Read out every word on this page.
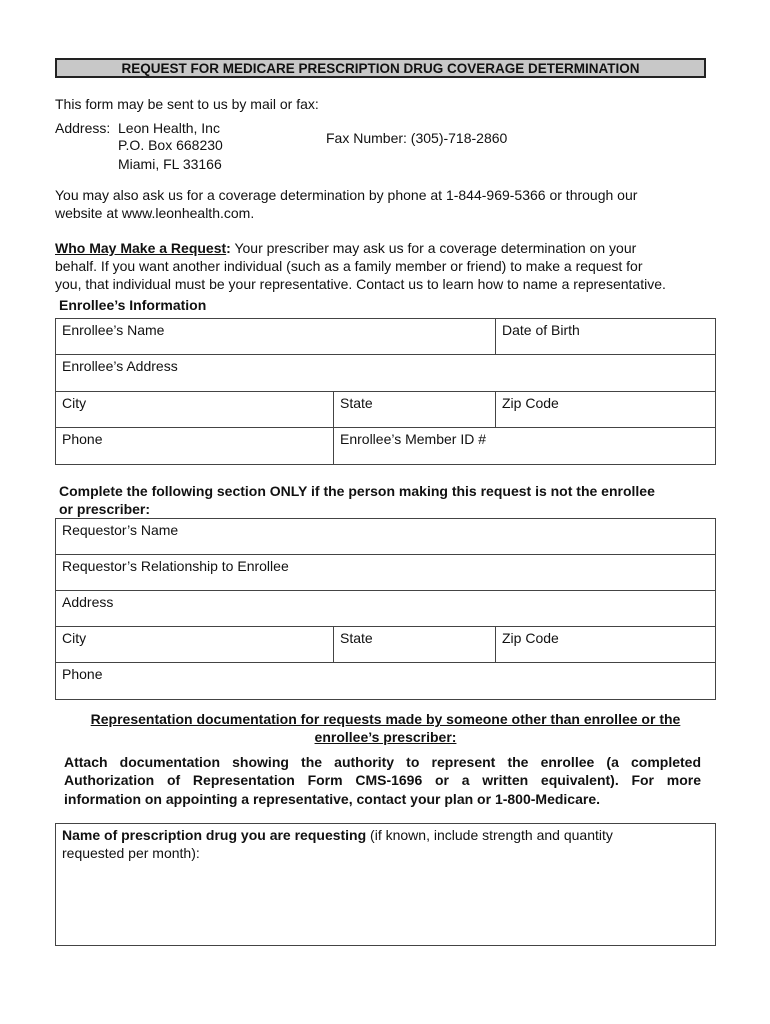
REQUEST FOR MEDICARE PRESCRIPTION DRUG COVERAGE DETERMINATION
This form may be sent to us by mail or fax:
Address: Leon Health, Inc
P.O. Box 668230
Miami, FL 33166
Fax Number: (305)-718-2860
You may also ask us for a coverage determination by phone at 1-844-969-5366 or through our
website at www.leonhealth.com.
Who May Make a Request: Your prescriber may ask us for a coverage determination on your
behalf. If you want another individual (such as a family member or friend) to make a request for
you, that individual must be your representative. Contact us to learn how to name a representative.
Enrollee’s Information
Enrollee’s Name	Date of Birth
Enrollee’s Address
City	State	Zip Code
Phone	Enrollee’s Member ID #
Complete the following section ONLY if the person making this request is not the enrollee
or prescriber:
Requestor’s Name
Requestor’s Relationship to Enrollee
Address
City	State	Zip Code
Phone
Representation documentation for requests made by someone other than enrollee or the
enrollee’s prescriber:
Attach documentation showing the authority to represent the enrollee (a completed
Authorization of Representation Form CMS-1696 or a written equivalent). For more
information on appointing a representative, contact your plan or 1-800-Medicare.
Name of prescription drug you are requesting (if known, include strength and quantity
requested per month):
